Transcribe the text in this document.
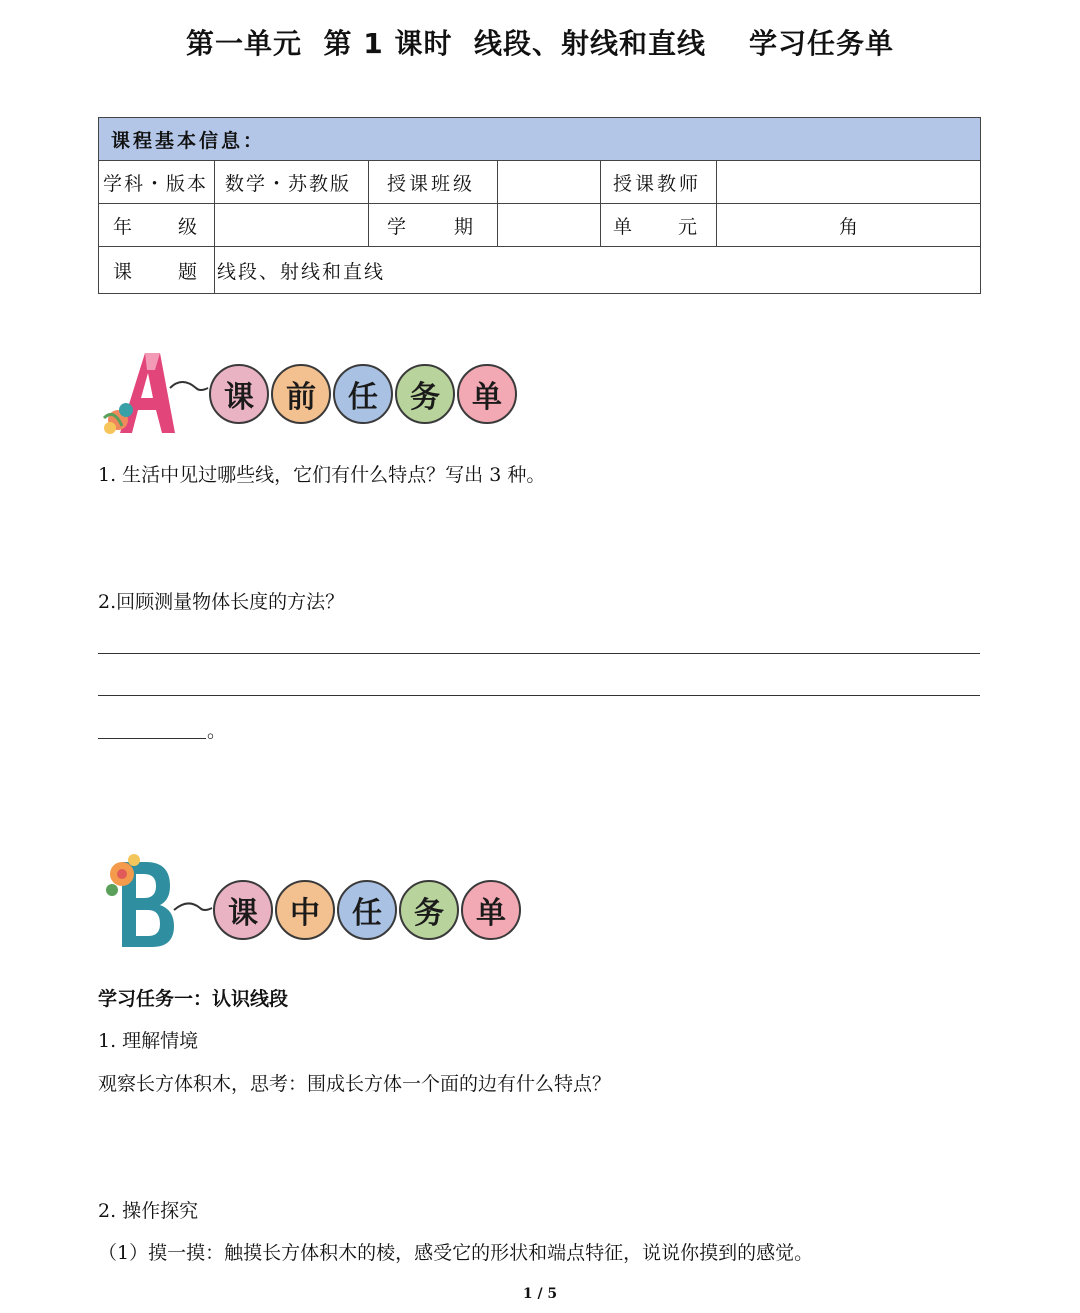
第一单元  第 1 课时  线段、射线和直线    学习任务单
课程基本信息：					
学科・版本	数学・苏教版	授课班级		授课教师	
年 级		学 期		单 元	角
课 题	线段、射线和直线				
课	前	任	务	单
1. 生活中见过哪些线，它们有什么特点？写出 3 种。
2.回顾测量物体长度的方法？
。
课	中	任	务	单
学习任务一：认识线段
1. 理解情境
观察长方体积木，思考：围成长方体一个面的边有什么特点？
2. 操作探究
（1）摸一摸：触摸长方体积木的棱，感受它的形状和端点特征，说说你摸到的感觉。
1 / 5
